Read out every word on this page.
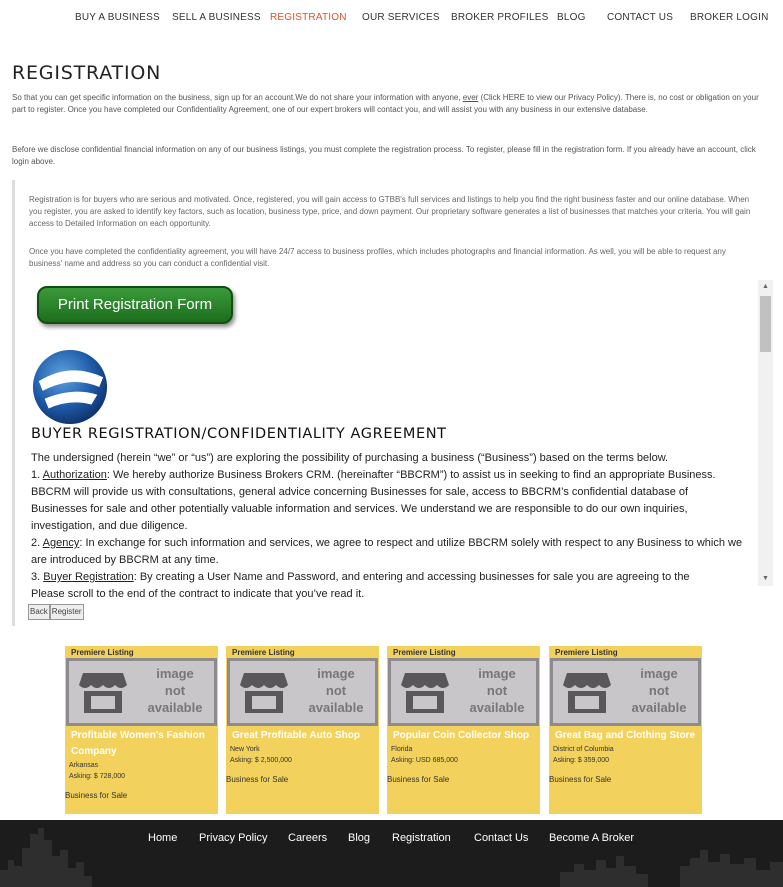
BUY A BUSINESS SELL A BUSINESS REGISTRATION OUR SERVICES BROKER PROFILES BLOG CONTACT US BROKER LOGIN
REGISTRATION

So that you can get specific information on the business, sign up for an account.We do not share your information with anyone, ever (Click HERE to view our Privacy Policy). There is, no cost or obligation on your part to register. Once you have completed our Confidentiality Agreement, one of our expert brokers will contact you, and will assist you with any business in our extensive database.

Before we disclose confidential financial information on any of our business listings, you must complete the registration process. To register, please fill in the registration form. If you already have an account, click login above.

Registration is for buyers who are serious and motivated. Once, registered, you will gain access to GTBB's full services and listings to help you find the right business faster and our online database. When you register, you are asked to identify key factors, such as location, business type, price, and down payment. Our proprietary software generates a list of businesses that matches your criteria. You will gain access to Detailed Information on each opportunity.

Once you have completed the confidentiality agreement, you will have 24/7 access to business profiles, which includes photographs and financial information. As well, you will be able to request any business' name and address so you can conduct a confidential visit.

Print Registration Form
BUYER REGISTRATION/CONFIDENTIALITY AGREEMENT
The undersigned (herein “we” or “us”) are exploring the possibility of purchasing a business (“Business”) based on the terms below.
1. Authorization: We hereby authorize Business Brokers CRM. (hereinafter “BBCRM”) to assist us in seeking to find an appropriate Business. BBCRM will provide us with consultations, general advice concerning Businesses for sale, access to BBCRM’s confidential database of Businesses for sale and other potentially valuable information and services. We understand we are responsible to do our own inquiries, investigation, and due diligence.
2. Agency: In exchange for such information and services, we agree to respect and utilize BBCRM solely with respect to any Business to which we are introduced by BBCRM at any time.
3. Buyer Registration: By creating a User Name and Password, and entering and accessing businesses for sale you are agreeing to the
Please scroll to the end of the contract to indicate that you’ve read it.
▲
▼
Back Register
Premiere Listing
image
not
available
Profitable Women's Fashion Company
Arkansas
Asking: $ 728,000
Business for Sale
Premiere Listing
image
not
available
Great Profitable Auto Shop
New York
Asking: $ 2,500,000
Business for Sale
Premiere Listing
image
not
available
Popular Coin Collector Shop
Florida
Asking: USD 685,000
Business for Sale
Premiere Listing
image
not
available
Great Bag and Clothing Store
District of Columbia
Asking: $ 359,000
Business for Sale
Home Privacy Policy Careers Blog Registration Contact Us Become A Broker
